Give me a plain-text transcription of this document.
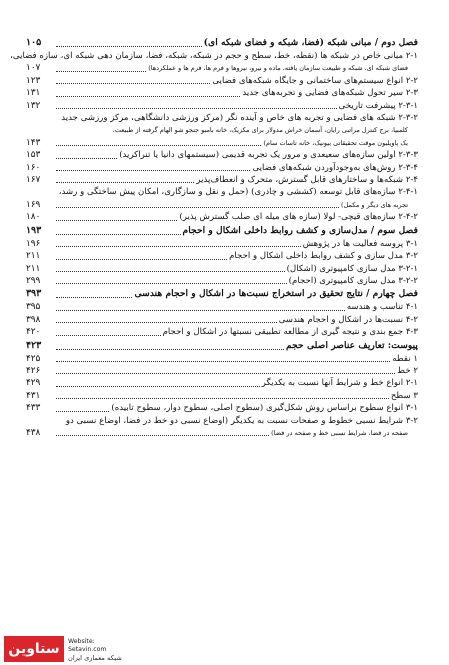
فصل دوم / مبانی شبکه (فضا، شبکه و فضای شبکه ای)
۱۰۵
۲-۱ مبانی خاص در شبکه ها (نقطه، خط، سطح و حجم در شبکه، شبکه، فضا، سازمان دهی شبکه ای، سازه فضایی،
فضای شبکه ای، شبکه و طبیعت سازمان یافته، ماده و نیرو، نیروها و فرم ها، فرم ها و عملکردها)
۱۰۷
۲-۲ انواع سیستم‌های ساختمانی و جایگاه شبکه‌های فضایی
۱۲۳
۲-۳ سیر تحول شبکه‌های فضایی و تجربه‌های جدید
۱۳۱
۲-۳-۱ پیشرفت تاریخی
۱۳۲
۲-۳-۲ شبکه های فضایی و تجربه های خاص و آینده نگر (مرکز ورزشی دانشگاهی، مرکز ورزشی جدید
کلمبیا، برج کنترل مراتبی رایان، آسمان خراش مدولار برای مکزیک، خانه بامبو جنجو شو الهام گرفته از طبیعت،
یک پاویلیون موقت تحقیقاتی بیونیک، خانه تاسات سام)
۱۴۳
۲-۳-۳ اولین سازه‌های سعیعدی و مرور یک تجربه قدیمی (سیستمهای دانیا یا تنراکرید)
۱۵۳
۲-۳-۴ روش‌های به‌وجودآوردن شبکه‌های فضایی
۱۶۰
۲-۴ شبکه‌ها و ساختارهای قابل گسترش، متحرک و انعطاف‌پذیر
۱۶۷
۲-۴-۱ سازه‌های قابل توسعه (کششی و چادری) (حمل و نقل و سازگاری، امکان پیش ساختگی و رشد،
تجربه های دیگر و مکمل)
۱۶۹
۲-۴-۲ سازه‌های قیچی- لولا (سازه های میله ای صلب گسترش پذیر)
۱۸۰
فصل سوم / مدل‌سازی و کشف روابط داخلی اشکال و احجام
۱۹۳
۳-۱ پروسه فعالیت ها در پژوهش
۱۹۶
۳-۲ مدل سازی و کشف روابط داخلی اشکال و احجام
۲۱۱
۳-۲-۱ مدل سازی کامپیوتری (اشکال)
۲۱۱
۳-۲-۲ مدل سازی کامپیوتری (احجام)
۲۹۹
فصل چهارم / نتایج تحقیق در استخراج نسبت‌ها در اشکال و احجام هندسی
۳۹۳
۴-۱ تناسب و هندسه
۳۹۵
۴-۲ نسبت‌ها در اشکال و احجام هندسی
۳۹۸
۴-۳ جمع بندی و نتیجه گیری از مطالعه تطبیقی نسبتها در اشکال و احجام
۴۲۰
پیوست: تعاریف عناصر اصلی حجم
۴۲۳
۱ نقطه
۴۲۵
۲ خط
۴۲۶
۲-۱ انواع خط و شرایط آنها نسبت به یکدیگر
۴۲۹
۳ سطح
۴۳۱
۳-۱ انواع سطوح براساس روش شکل‌گیری (سطوح اصلی، سطوح دوار، سطوح تابیده)
۴۳۳
۳-۲ شرایط نسبی خطوط و صفحات نسبت به یکدیگر (اوضاع نسبی دو خط در فضا، اوضاع نسبی دو
صفحه در فضا، شرایط نسبی خط و صفحه در فضا)
۴۳۸
ستاوین Website:
Setavin.com
شبکه معماری ایران
